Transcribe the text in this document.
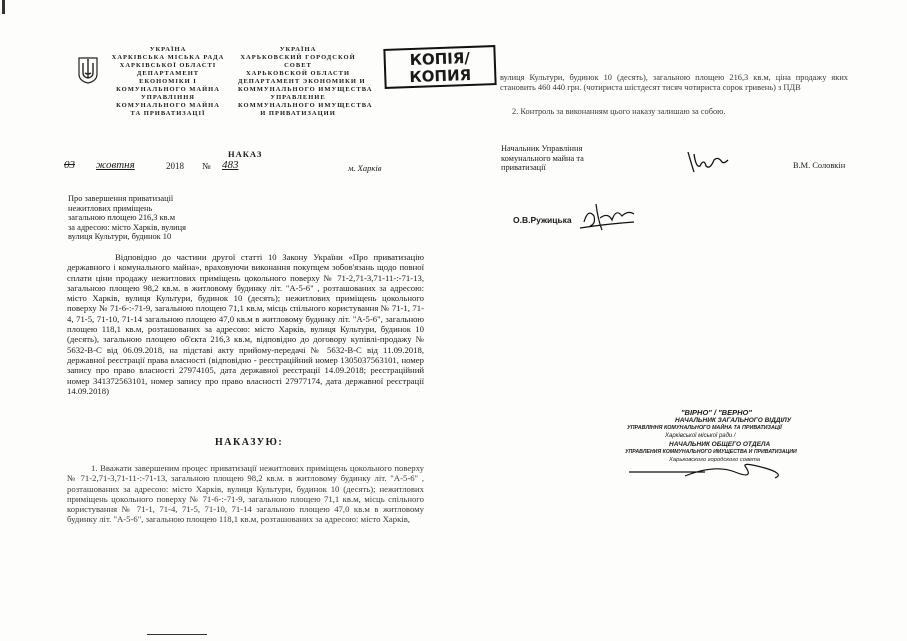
УКРАЇНА
ХАРКІВСЬКА МІСЬКА РАДА
ХАРКІВСЬКОЇ ОБЛАСТІ
ДЕПАРТАМЕНТ
ЕКОНОМІКИ І
КОМУНАЛЬНОГО МАЙНА
УПРАВЛІННЯ
КОМУНАЛЬНОГО МАЙНА
ТА ПРИВАТИЗАЦІЇ
УКРАЇНА
ХАРЬКОВСКИЙ ГОРОДСКОЙ
СОВЕТ
ХАРЬКОВСКОЙ ОБЛАСТИ
ДЕПАРТАМЕНТ ЭКОНОМИКИ И
КОММУНАЛЬНОГО ИМУЩЕСТВА
УПРАВЛЕНИЕ
КОММУНАЛЬНОГО ИМУЩЕСТВА
И ПРИВАТИЗАЦИИ
КОПІЯ/ КОПИЯ
НАКАЗ
03 жовтня	2018 № 483	м. Харків
Про завершення приватизації
нежитлових приміщень
загальною площею 216,3 кв.м
за адресою: місто Харків, вулиця
вулиця Культури, будинок 10
Відповідно до частини другої статті 10 Закону України «Про приватизацію державного і комунального майна», враховуючи виконання покупцем зобов'язань щодо повної сплати ціни продажу нежитлових приміщень цокольного поверху № 71-2,71-3,71-11-:-71-13, загальною площею 98,2 кв.м. в житловому будинку літ. "А-5-6" , розташованих за адресою: місто Харків, вулиця Культури, будинок 10 (десять); нежитлових приміщень цокольного поверху № 71-6-:-71-9, загальною площею 71,1 кв.м, місць спільного користування № 71-1, 71-4, 71-5, 71-10, 71-14 загальною площею 47,0 кв.м в житловому будинку літ. "А-5-6", загальною площею 118,1 кв.м, розташованих за адресою: місто Харків, вулиця Культури, будинок 10 (десять), загальною площею об'єкта 216,3 кв.м, відповідно до договору купівлі-продажу № 5632-В-С від 06.09.2018, на підставі акту прийому-передачі № 5632-В-С від 11.09.2018, державної реєстрації права власності (відповідно - реєстраційний номер 1305037563101, номер запису про право власності 27974105, дата державної реєстрації 14.09.2018; реєстраційний номер 341372563101, номер запису про право власності 27977174, дата державної реєстрації 14.09.2018)
НАКАЗУЮ:
1. Вважати завершеним процес приватизації нежитлових приміщень цокольного поверху № 71-2,71-3,71-11-:-71-13, загальною площею 98,2 кв.м. в житловому будинку літ. "А-5-6" , розташованих за адресою: місто Харків, вулиця Культури, будинок 10 (десять); нежитлових приміщень цокольного поверху № 71-6-:-71-9, загальною площею 71,1 кв.м, місць спільного користування № 71-1, 71-4, 71-5, 71-10, 71-14 загальною площею 47,0 кв.м в житловому будинку літ. "А-5-6", загальною площею 118,1 кв.м, розташованих за адресою: місто Харків,
вулиця Культури, будинок 10 (десять), загальною площею 216,3 кв.м, ціна продажу яких становить 460 440 грн. (чотириста шістдесят тисяч чотириста сорок гривень) з ПДВ
2. Контроль за виконанням цього наказу залишаю за собою.
Начальник Управління комунального майна та приватизації	В.М. Соловкін
О.В.Ружицька
"ВІРНО" / "ВЕРНО"
НАЧАЛЬНИК ЗАГАЛЬНОГО ВІДДІЛУ
УПРАВЛІННЯ КОМУНАЛЬНОГО МАЙНА ТА ПРИВАТИЗАЦІЇ
Харківської міської ради /
НАЧАЛЬНИК ОБЩЕГО ОТДЕЛА
УПРАВЛЕНИЯ КОММУНАЛЬНОГО ИМУЩЕСТВА И ПРИВАТИЗАЦИИ
Харьковского городского совета
